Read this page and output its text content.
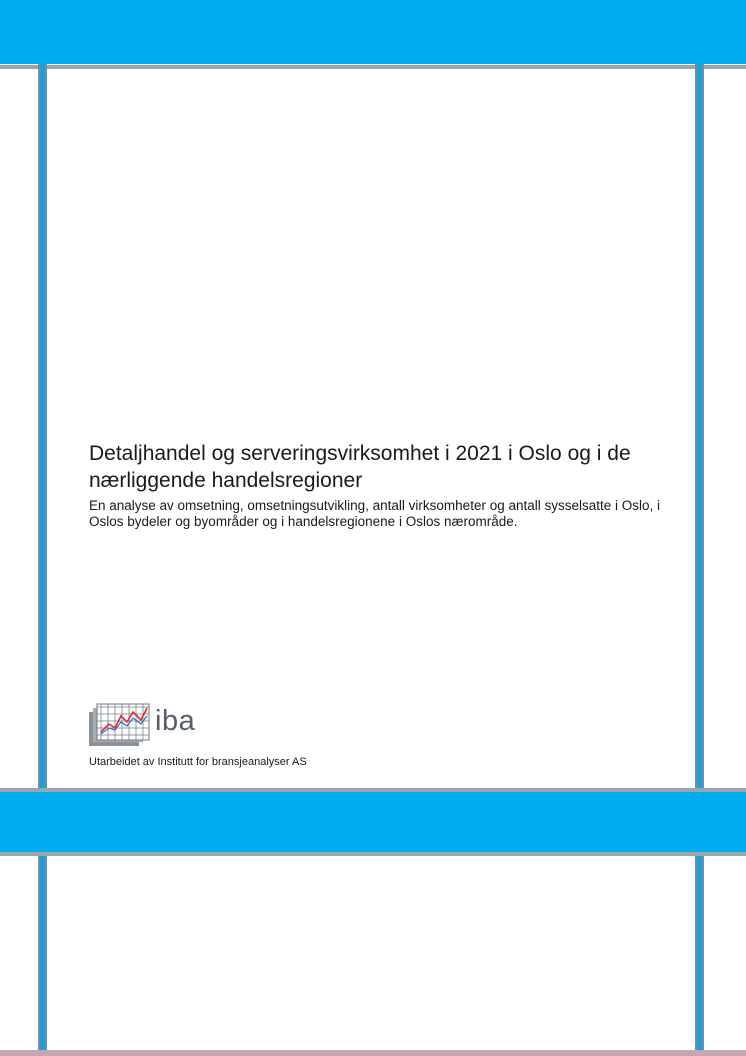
Detaljhandel og serveringsvirksomhet i 2021 i Oslo og i de nærliggende handelsregioner
En analyse av omsetning, omsetningsutvikling, antall virksomheter og antall sysselsatte i Oslo, i Oslos bydeler og byområder og i handelsregionene i Oslos nærområde.
iba
Utarbeidet av Institutt for bransjeanalyser AS
